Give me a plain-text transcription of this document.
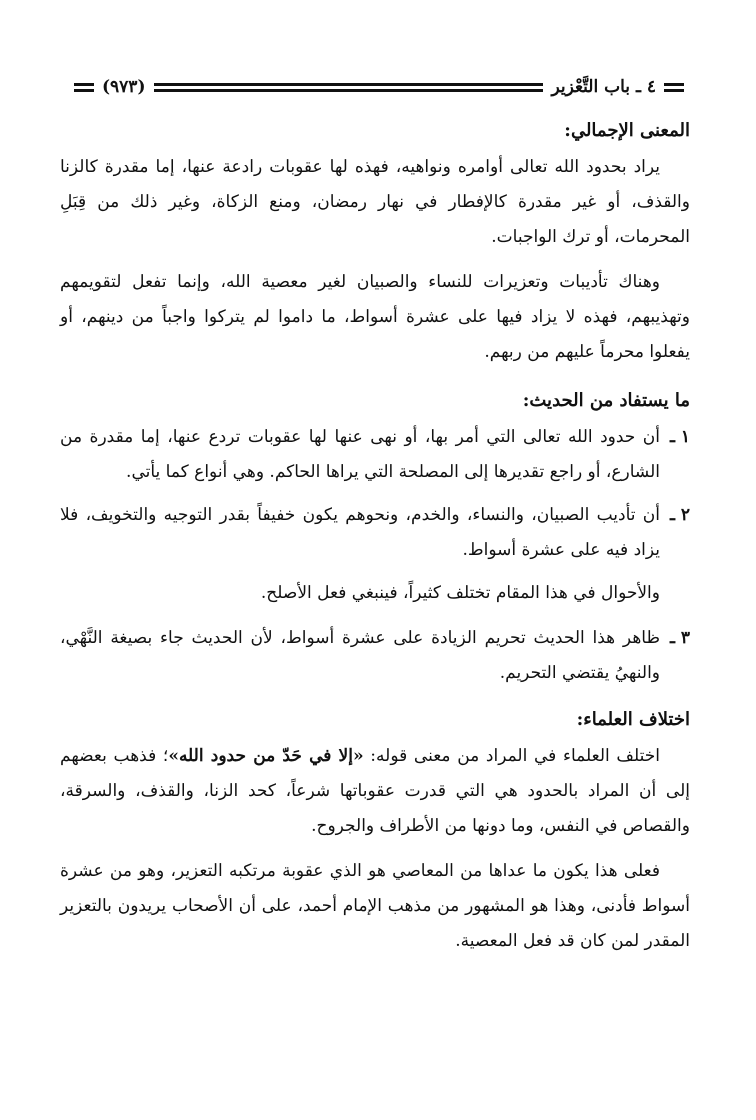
٤ ـ باب التَّعْزير
(٩٧٣)
المعنى الإجمالي:

يراد بحدود الله تعالى أوامره ونواهيه، فهذه لها عقوبات رادعة عنها، إما مقدرة كالزنا والقذف، أو غير مقدرة كالإفطار في نهار رمضان، ومنع الزكاة، وغير ذلك من قِبَلِ المحرمات، أو ترك الواجبات.

وهناك تأديبات وتعزيرات للنساء والصبيان لغير معصية الله، وإنما تفعل لتقويمهم وتهذيبهم، فهذه لا يزاد فيها على عشرة أسواط، ما داموا لم يتركوا واجباً من دينهم، أو يفعلوا محرماً عليهم من ربهم.

ما يستفاد من الحديث:
١ ـ
أن حدود الله تعالى التي أمر بها، أو نهى عنها لها عقوبات تردع عنها، إما مقدرة من الشارع، أو راجع تقديرها إلى المصلحة التي يراها الحاكم. وهي أنواع كما يأتي.
٢ ـ
أن تأديب الصبيان، والنساء، والخدم، ونحوهم يكون خفيفاً بقدر التوجيه والتخويف، فلا يزاد فيه على عشرة أسواط.

والأحوال في هذا المقام تختلف كثيراً، فينبغي فعل الأصلح.

٣ ـ
ظاهر هذا الحديث تحريم الزيادة على عشرة أسواط، لأن الحديث جاء بصيغة النَّهْي، والنهيُ يقتضي التحريم.
اختلاف العلماء:

اختلف العلماء في المراد من معنى قوله: «إلا في حَدّ من حدود الله»؛ فذهب بعضهم إلى أن المراد بالحدود هي التي قدرت عقوباتها شرعاً، كحد الزنا، والقذف، والسرقة، والقصاص في النفس، وما دونها من الأطراف والجروح.

فعلى هذا يكون ما عداها من المعاصي هو الذي عقوبة مرتكبه التعزير، وهو من عشرة أسواط فأدنى، وهذا هو المشهور من مذهب الإمام أحمد، على أن الأصحاب يريدون بالتعزير المقدر لمن كان قد فعل المعصية.
